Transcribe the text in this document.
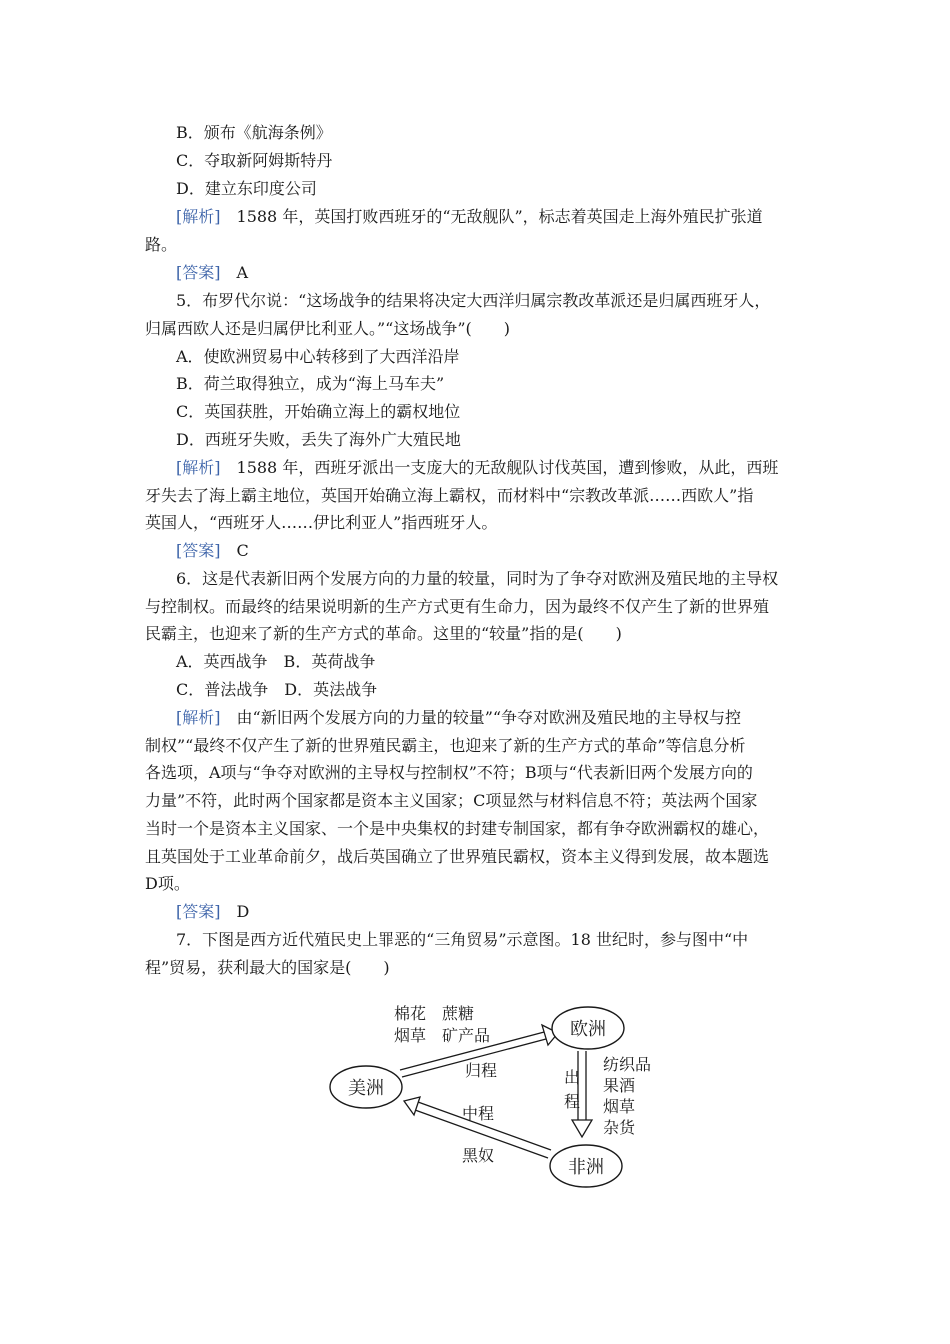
B．颁布《航海条例》
C．夺取新阿姆斯特丹
D．建立东印度公司
[解析]　 1588 年，英国打败西班牙的“无敌舰队”，标志着英国走上海外殖民扩张道
路。
[答案]　 A
5．布罗代尔说：“这场战争的结果将决定大西洋归属宗教改革派还是归属西班牙人，
归属西欧人还是归属伊比利亚人。”“这场战争”(　　)
A．使欧洲贸易中心转移到了大西洋沿岸
B．荷兰取得独立，成为“海上马车夫”
C．英国获胜，开始确立海上的霸权地位
D．西班牙失败，丢失了海外广大殖民地
[解析]　 1588 年，西班牙派出一支庞大的无敌舰队讨伐英国，遭到惨败，从此，西班
牙失去了海上霸主地位，英国开始确立海上霸权，而材料中“宗教改革派……西欧人”指
英国人，“西班牙人……伊比利亚人”指西班牙人。
[答案]　 C
6．这是代表新旧两个发展方向的力量的较量，同时为了争夺对欧洲及殖民地的主导权
与控制权。而最终的结果说明新的生产方式更有生命力，因为最终不仅产生了新的世界殖
民霸主，也迎来了新的生产方式的革命。这里的“较量”指的是(　　)
A．英西战争　B．英荷战争
C．普法战争　D．英法战争
[解析]　 由“新旧两个发展方向的力量的较量”“争夺对欧洲及殖民地的主导权与控
制权”“最终不仅产生了新的世界殖民霸主，也迎来了新的生产方式的革命”等信息分析
各选项，A项与“争夺对欧洲的主导权与控制权”不符；B项与“代表新旧两个发展方向的
力量”不符，此时两个国家都是资本主义国家；C项显然与材料信息不符；英法两个国家
当时一个是资本主义国家、一个是中央集权的封建专制国家，都有争夺欧洲霸权的雄心，
且英国处于工业革命前夕，战后英国确立了世界殖民霸权，资本主义得到发展，故本题选
D项。
[答案]　 D
7．下图是西方近代殖民史上罪恶的“三角贸易”示意图。18 世纪时，参与图中“中
程”贸易，获利最大的国家是(　　)
美洲
欧洲
非洲
棉花　蔗糖
烟草　矿产品
归程	出
程
纺织品
果酒
烟草
杂货
中程
黑奴
